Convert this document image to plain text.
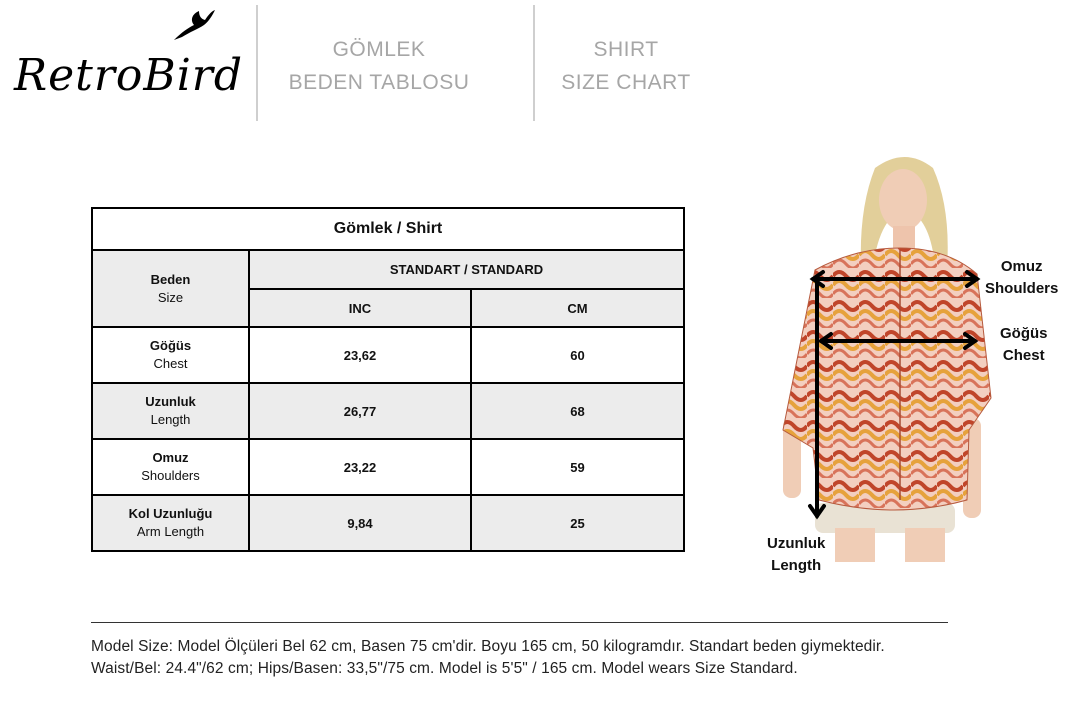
RetroBird
GÖMLEK
BEDEN TABLOSU
SHIRT
SIZE CHART
Gömlek / Shirt		

Beden
Size	STANDART / STANDARD	
	INC	CM

Göğüs
Chest	23,62	60

Uzunluk
Length	26,77	68

Omuz
Shoulders	23,22	59

Kol Uzunluğu
Arm Length	9,84	25
Omuz
Shoulders
Göğüs
Chest
Uzunluk
Length
Model Size: Model Ölçüleri Bel 62 cm, Basen 75 cm'dir. Boyu 165 cm, 50 kilogramdır. Standart beden giymektedir.
Waist/Bel: 24.4"/62 cm; Hips/Basen: 33,5"/75 cm. Model is 5'5" / 165 cm. Model wears Size Standard.
